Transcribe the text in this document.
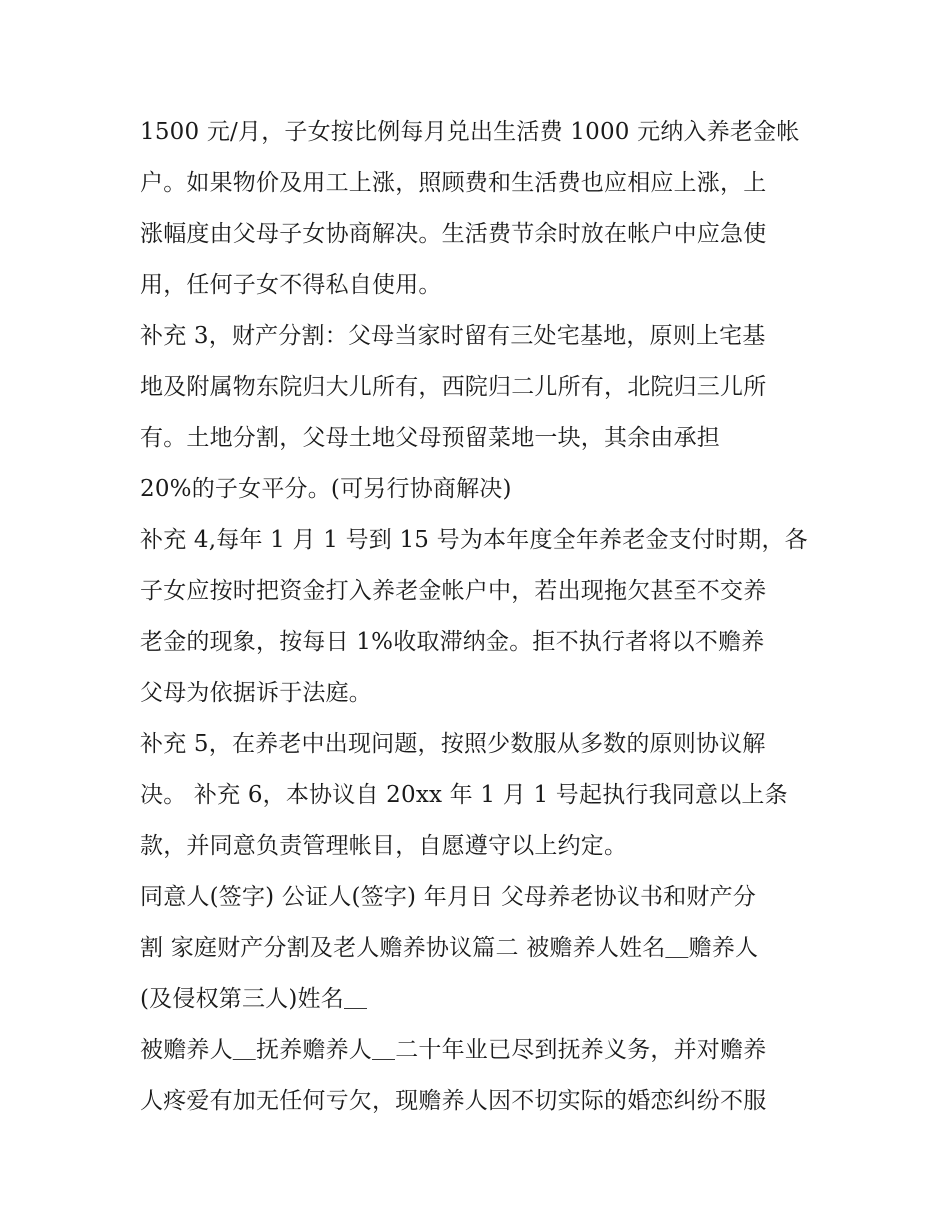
1500 元/月，子女按比例每月兑出生活费 1000 元纳入养老金帐
户。如果物价及用工上涨，照顾费和生活费也应相应上涨，上
涨幅度由父母子女协商解决。生活费节余时放在帐户中应急使
用，任何子女不得私自使用。
补充 3，财产分割：父母当家时留有三处宅基地，原则上宅基
地及附属物东院归大儿所有，西院归二儿所有，北院归三儿所
有。土地分割，父母土地父母预留菜地一块，其余由承担
20%的子女平分。(可另行协商解决)
补充 4,每年 1 月 1 号到 15 号为本年度全年养老金支付时期，各
子女应按时把资金打入养老金帐户中，若出现拖欠甚至不交养
老金的现象，按每日 1%收取滞纳金。拒不执行者将以不赡养
父母为依据诉于法庭。
补充 5，在养老中出现问题，按照少数服从多数的原则协议解
决。 补充 6，本协议自 20xx 年 1 月 1 号起执行我同意以上条
款，并同意负责管理帐目，自愿遵守以上约定。
同意人(签字) 公证人(签字) 年月日 父母养老协议书和财产分
割 家庭财产分割及老人赡养协议篇二 被赡养人姓名＿赡养人
(及侵权第三人)姓名＿
被赡养人＿抚养赡养人＿二十年业已尽到抚养义务，并对赡养
人疼爱有加无任何亏欠，现赡养人因不切实际的婚恋纠纷不服
